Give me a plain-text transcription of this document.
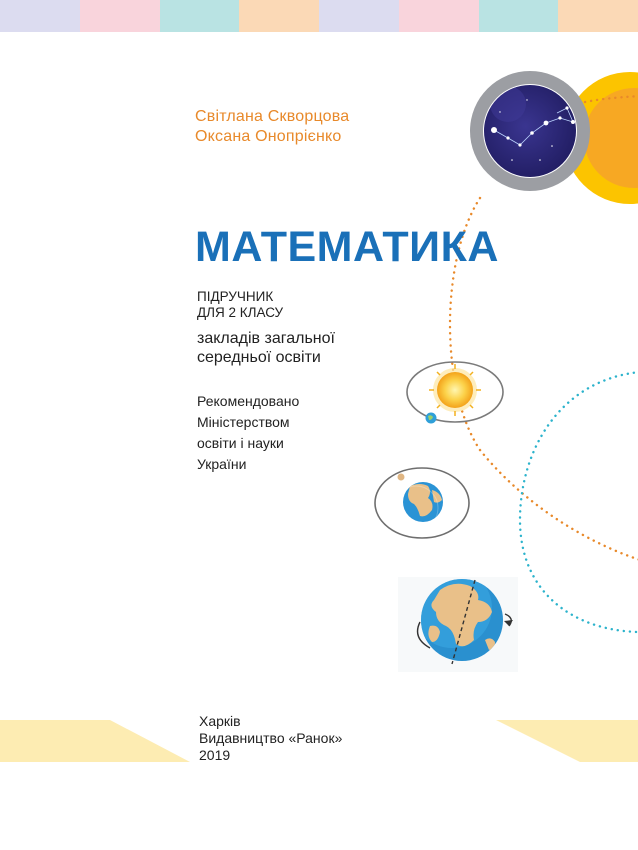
Світлана Скворцова
Оксана Онопрієнко
МАТЕМАТИКА
ПІДРУЧНИК
ДЛЯ 2 КЛАСУ
закладів загальної
середньої освіти
Рекомендовано
Міністерством
освіти і науки
України
Харків
Видавництво «Ранок»
2019
